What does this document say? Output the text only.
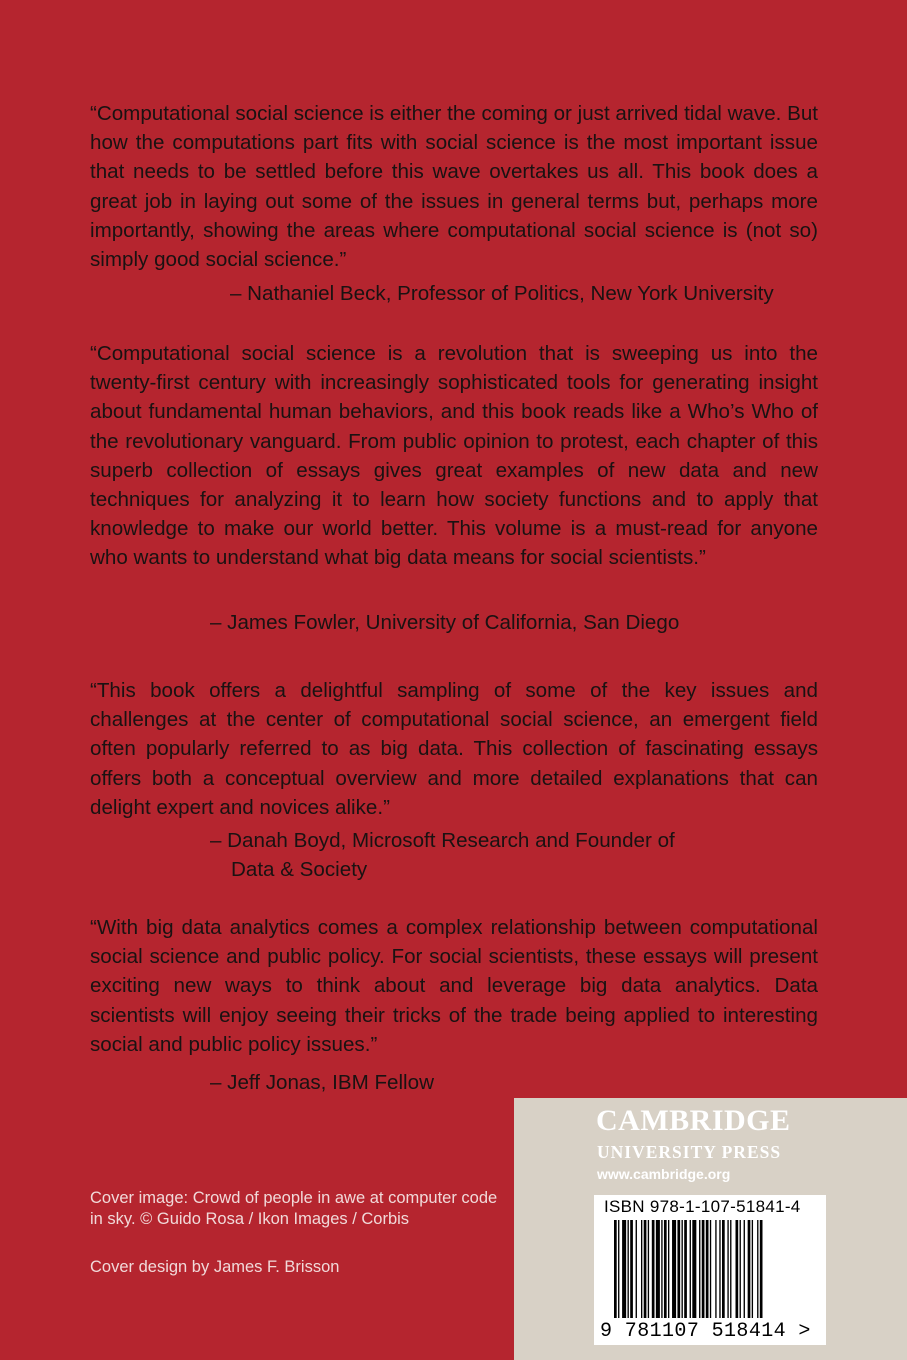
“Computational social science is either the coming or just arrived tidal wave. But how the computations part fits with social science is the most important issue that needs to be settled before this wave overtakes us all. This book does a great job in laying out some of the issues in general terms but, perhaps more importantly, showing the areas where computational social science is (not so) simply good social science.”

– Nathaniel Beck, Professor of Politics, New York University

“Computational social science is a revolution that is sweeping us into the twenty-first century with increasingly sophisticated tools for generating insight about fundamental human behaviors, and this book reads like a Who’s Who of the revolutionary vanguard. From public opinion to protest, each chapter of this superb collection of essays gives great examples of new data and new techniques for analyzing it to learn how society functions and to apply that knowledge to make our world better. This volume is a must-read for anyone who wants to understand what big data means for social scientists.”

– James Fowler, University of California, San Diego

“This book offers a delightful sampling of some of the key issues and challenges at the center of computational social science, an emergent field often popularly referred to as big data. This collection of fascinating essays offers both a conceptual overview and more detailed explanations that can delight expert and novices alike.”

– Danah Boyd, Microsoft Research and Founder of
Data & Society

“With big data analytics comes a complex relationship between computational social science and public policy. For social scientists, these essays will present exciting new ways to think about and leverage big data analytics. Data scientists will enjoy seeing their tricks of the trade being applied to interesting social and public policy issues.”

– Jeff Jonas, IBM Fellow

Cover image: Crowd of people in awe at computer code in sky. © Guido Rosa / Ikon Images / Corbis

Cover design by James F. Brisson

CAMBRIDGE

UNIVERSITY PRESS

www.cambridge.org

ISBN 978-1-107-51841-4

9 781107 518414 >
